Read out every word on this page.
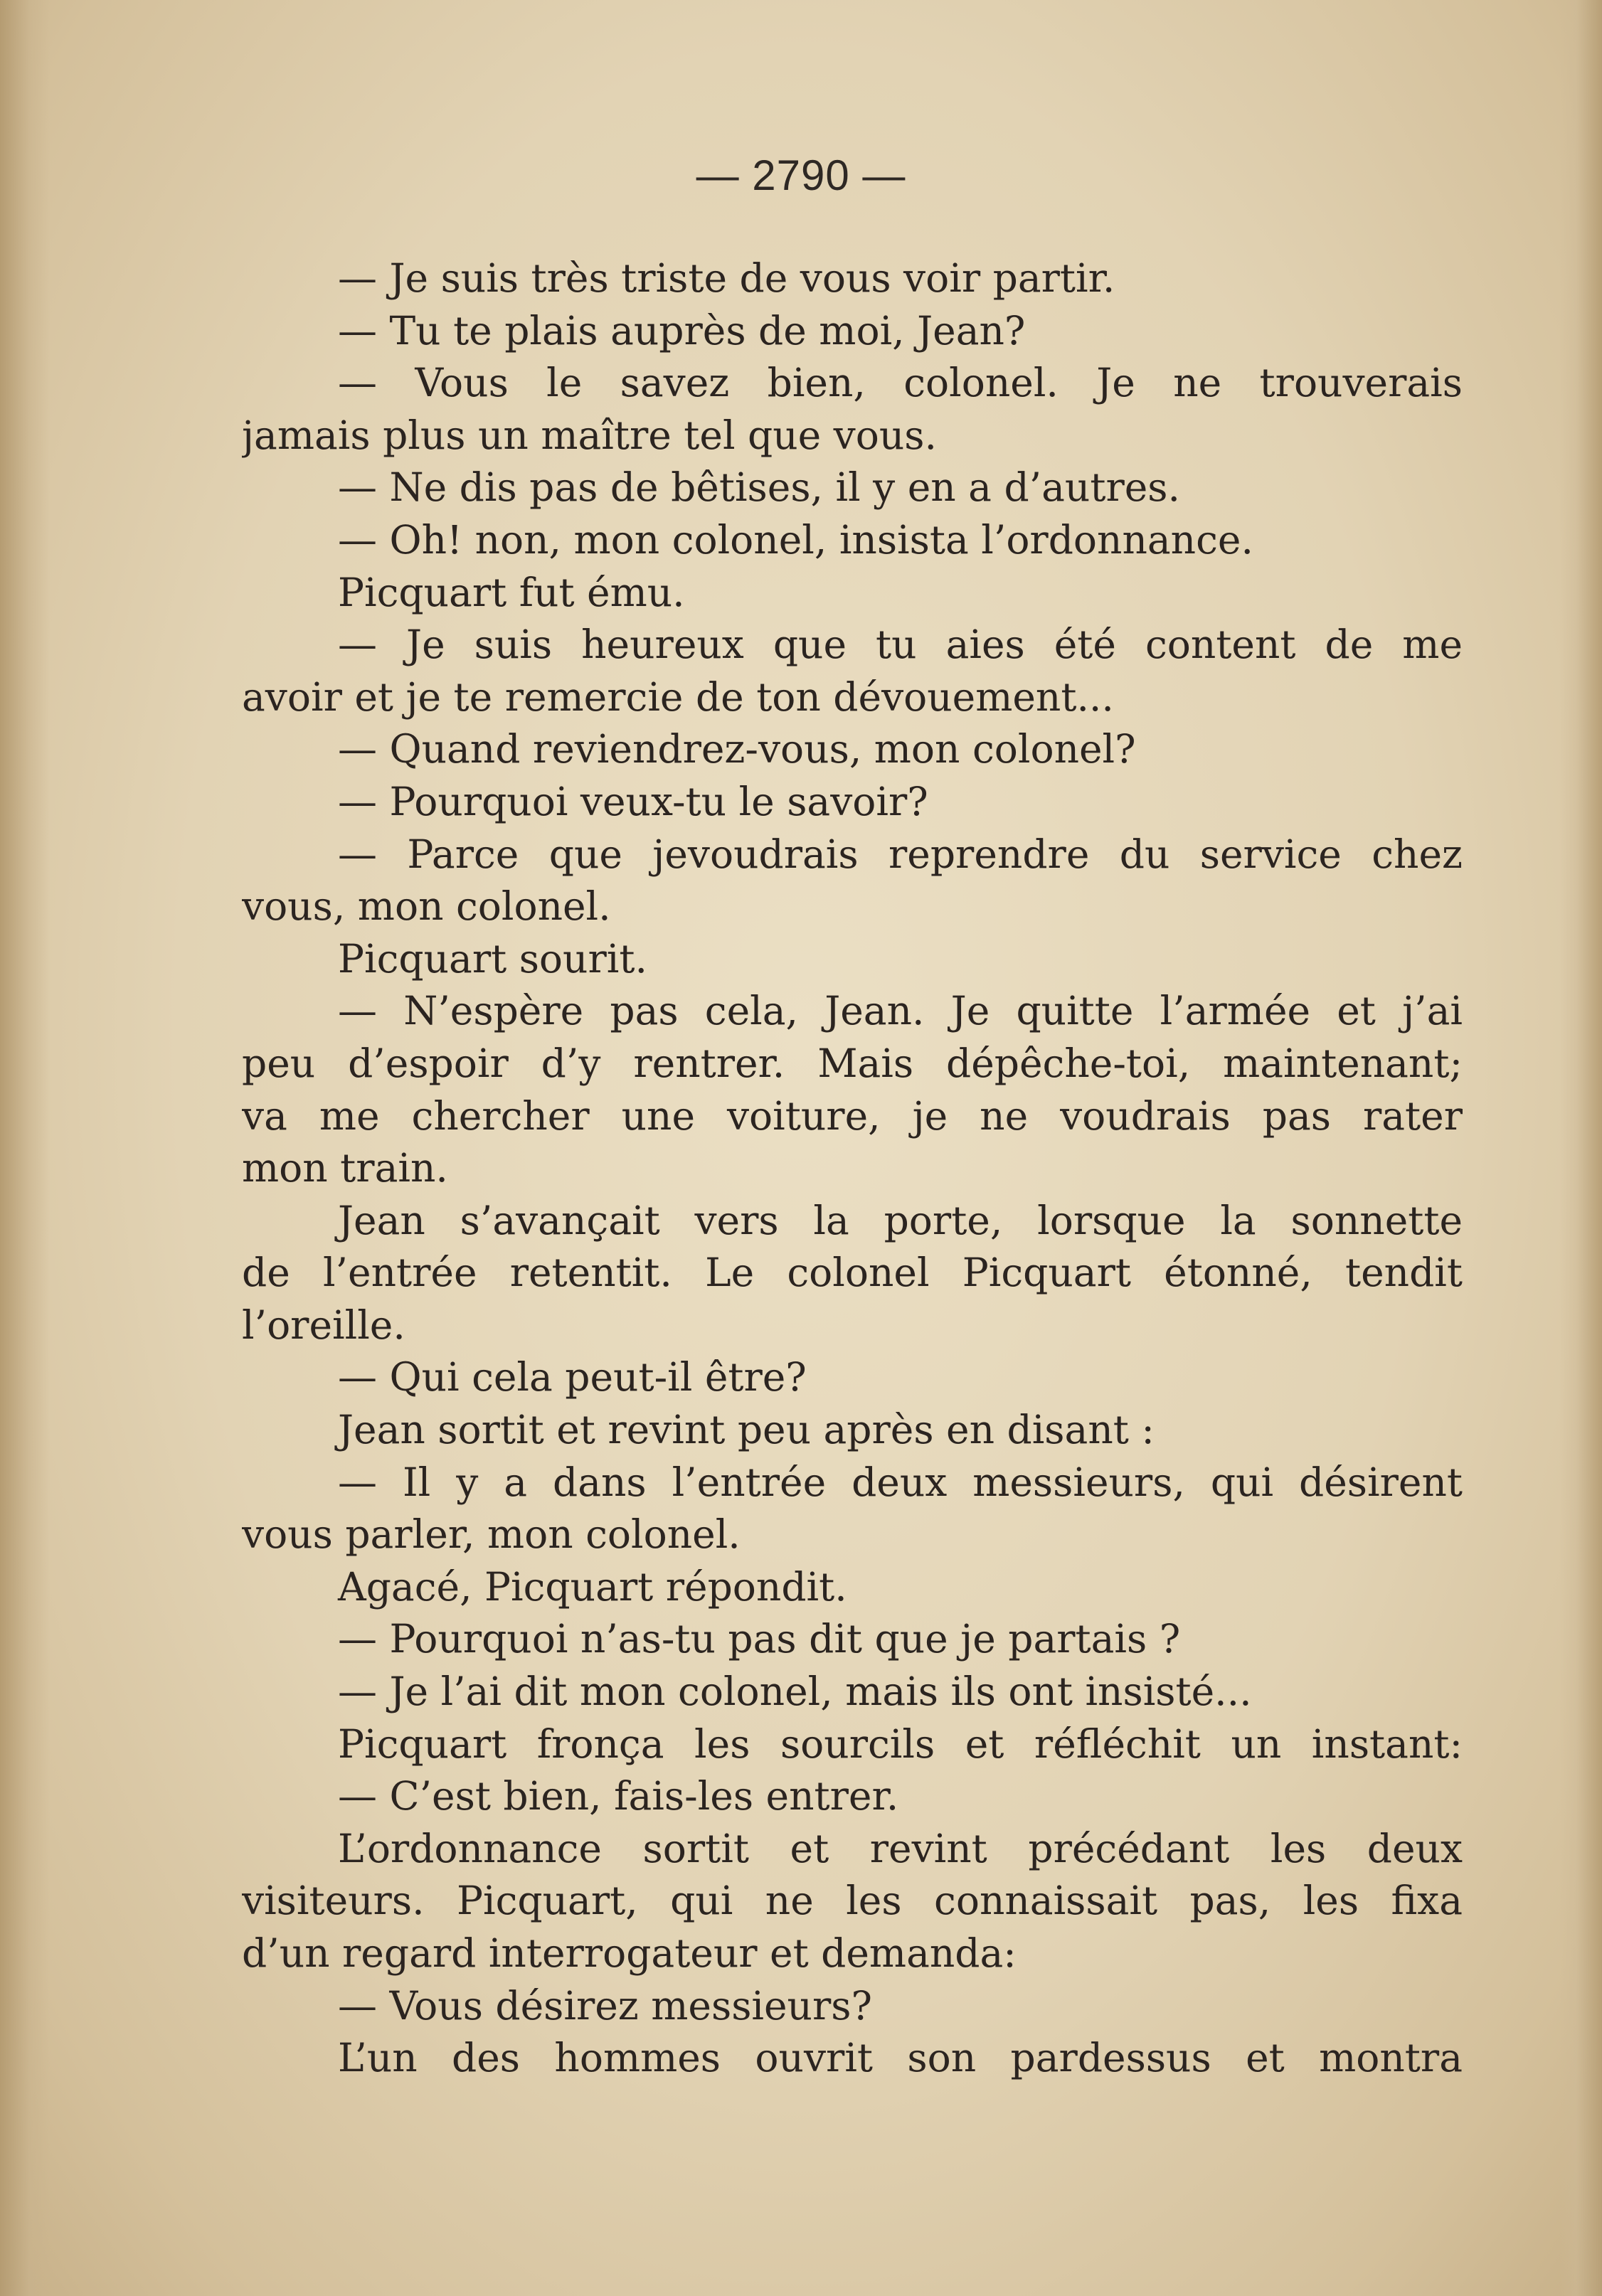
— 2790 —
— Je suis très triste de vous voir partir.
— Tu te plais auprès de moi, Jean?
— Vous le savez bien, colonel. Je ne trouverais
jamais plus un maître tel que vous.
— Ne dis pas de bêtises, il y en a d’autres.
— Oh! non, mon colonel, insista l’ordonnance.
Picquart fut ému.
— Je suis heureux que tu aies été content de me
avoir et je te remercie de ton dévouement...
— Quand reviendrez-vous, mon colonel?
— Pourquoi veux-tu le savoir?
— Parce que jevoudrais reprendre du service chez
vous, mon colonel.
Picquart sourit.
— N’espère pas cela, Jean. Je quitte l’armée et j’ai
peu d’espoir d’y rentrer. Mais dépêche-toi, maintenant;
va me chercher une voiture, je ne voudrais pas rater
mon train.
Jean s’avançait vers la porte, lorsque la sonnette
de l’entrée retentit. Le colonel Picquart étonné, tendit
l’oreille.
— Qui cela peut-il être?
Jean sortit et revint peu après en disant :
— Il y a dans l’entrée deux messieurs, qui désirent
vous parler, mon colonel.
Agacé, Picquart répondit.
— Pourquoi n’as-tu pas dit que je partais ?
— Je l’ai dit mon colonel, mais ils ont insisté...
Picquart fronça les sourcils et réfléchit un instant:
— C’est bien, fais-les entrer.
L’ordonnance sortit et revint précédant les deux
visiteurs. Picquart, qui ne les connaissait pas, les fixa
d’un regard interrogateur et demanda:
— Vous désirez messieurs?
L’un des hommes ouvrit son pardessus et montra
